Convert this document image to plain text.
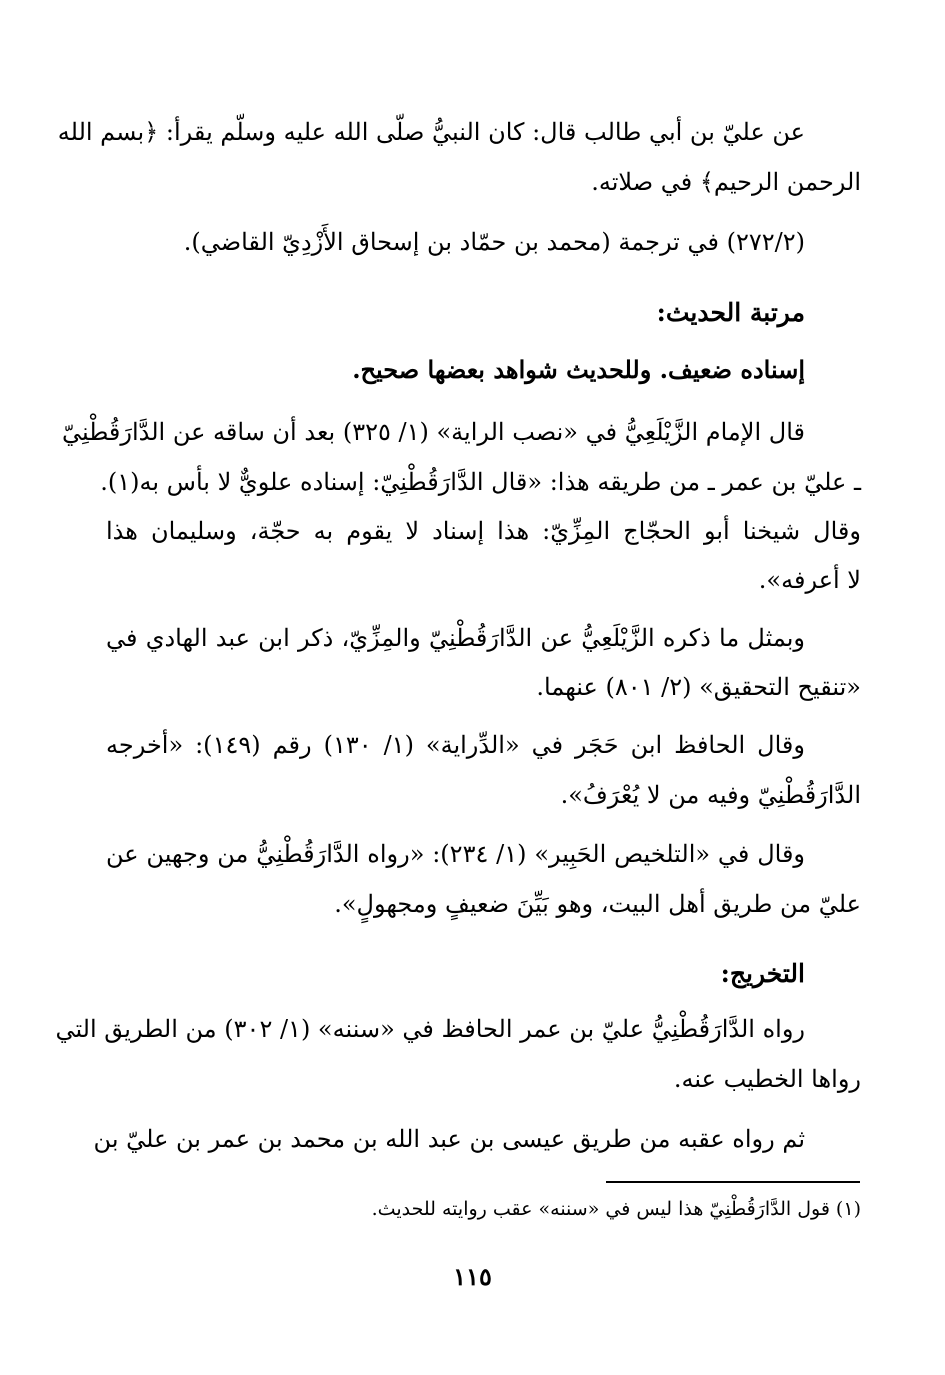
عن عليّ بن أبي طالب قال: كان النبيُّ صلّى الله عليه وسلّم يقرأ: ﴿بسم الله
الرحمن الرحيم﴾ في صلاته.
(٢٧٢/٢) في ترجمة (محمد بن حمّاد بن إسحاق الأَزْدِيّ القاضي).
مرتبة الحديث:
إسناده ضعيف. وللحديث شواهد بعضها صحيح.
قال الإمام الزَّيْلَعِيُّ في «نصب الراية» (١/ ٣٢٥) بعد أن ساقه عن الدَّارَقُطْنِيّ
ـ عليّ بن عمر ـ من طريقه هذا: «قال الدَّارَقُطْنِيّ: إسناده علويٌّ لا بأس به(١).
وقال شيخنا أبو الحجّاج المِزِّيّ: هذا إسناد لا يقوم به حجّة، وسليمان هذا
لا أعرفه».
وبمثل ما ذكره الزَّيْلَعِيُّ عن الدَّارَقُطْنِيّ والمِزِّيّ، ذكر ابن عبد الهادي في
«تنقيح التحقيق» (٢/ ٨٠١) عنهما.
وقال الحافظ ابن حَجَر في «الدِّراية» (١/ ١٣٠) رقم (١٤٩): «أخرجه
الدَّارَقُطْنِيّ وفيه من لا يُعْرَفُ».
وقال في «التلخيص الحَبِير» (١/ ٢٣٤): «رواه الدَّارَقُطْنِيُّ من وجهين عن
عليّ من طريق أهل البيت، وهو بَيِّنَ ضعيفٍ ومجهولٍ».
التخريج:
رواه الدَّارَقُطْنِيُّ عليّ بن عمر الحافظ في «سننه» (١/ ٣٠٢) من الطريق التي
رواها الخطيب عنه.
ثم رواه عقبه من طريق عيسى بن عبد الله بن محمد بن عمر بن عليّ بن
(١) قول الدَّارَقُطْنِيّ هذا ليس في «سننه» عقب روايته للحديث.
١١٥
